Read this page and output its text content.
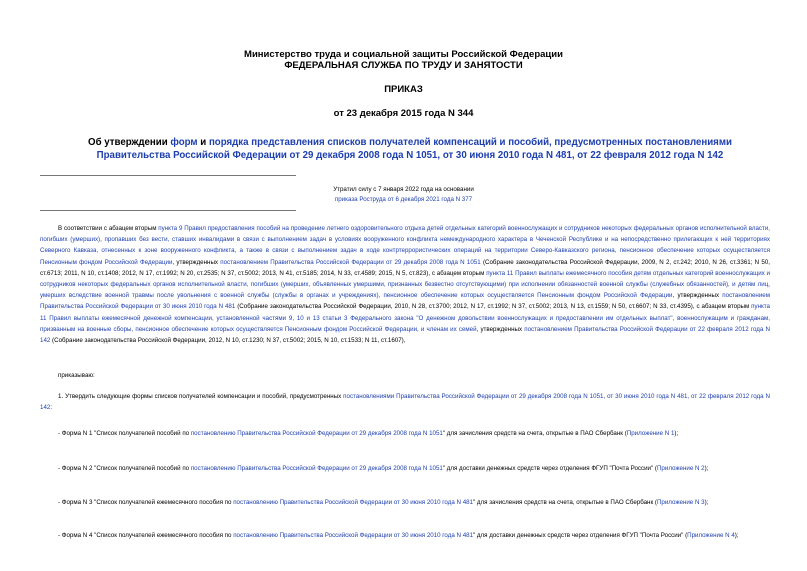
Министерство труда и социальной защиты Российской Федерации
ФЕДЕРАЛЬНАЯ СЛУЖБА ПО ТРУДУ И ЗАНЯТОСТИ
ПРИКАЗ
от 23 декабря 2015 года N 344
Об утверждении форм и порядка представления списков получателей компенсаций и пособий, предусмотренных постановлениями Правительства Российской Федерации от 29 декабря 2008 года N 1051, от 30 июня 2010 года N 481, от 22 февраля 2012 года N 142
Утратил силу с 7 января 2022 года на основании
приказа Роструда от 6 декабря 2021 года N 377
В соответствии с абзацем вторым пункта 9 Правил предоставления пособий на проведение летнего оздоровительного отдыха детей отдельных категорий военнослужащих и сотрудников некоторых федеральных органов исполнительной власти, погибших (умерших), пропавших без вести, ставших инвалидами в связи с выполнением задач в условиях вооруженного конфликта немеждународного характера в Чеченской Республике и на непосредственно прилегающих к ней территориях Северного Кавказа, отнесенных к зоне вооруженного конфликта, а также в связи с выполнением задач в ходе контртеррористических операций на территории Северо-Кавказского региона, пенсионное обеспечение которых осуществляется Пенсионным фондом Российской Федерации, утвержденных постановлением Правительства Российской Федерации от 29 декабря 2008 года N 1051 (Собрание законодательства Российской Федерации, 2009, N 2, ст.242; 2010, N 26, ст.3361; N 50, ст.6713; 2011, N 10, ст.1408; 2012, N 17, ст.1992; N 20, ст.2535; N 37, ст.5002; 2013, N 41, ст.5185; 2014, N 33, ст.4589; 2015, N 5, ст.823), с абзацем вторым пункта 11 Правил выплаты ежемесячного пособия детям отдельных категорий военнослужащих и сотрудников некоторых федеральных органов исполнительной власти, погибших (умерших, объявленных умершими, признанных безвестно отсутствующими) при исполнении обязанностей военной службы (служебных обязанностей), и детям лиц, умерших вследствие военной травмы после увольнения с военной службы (службы в органах и учреждениях), пенсионное обеспечение которых осуществляется Пенсионным фондом Российской Федерации, утвержденных постановлением Правительства Российской Федерации от 30 июня 2010 года N 481 (Собрание законодательства Российской Федерации, 2010, N 28, ст.3700; 2012, N 17, ст.1992; N 37, ст.5002; 2013, N 13, ст.1559; N 50, ст.6607; N 33, ст.4395), с абзацем вторым пункта 11 Правил выплаты ежемесячной денежной компенсации, установленной частями 9, 10 и 13 статьи 3 Федерального закона "О денежном довольствии военнослужащих и предоставлении им отдельных выплат", военнослужащим и гражданам, призванным на военные сборы, пенсионное обеспечение которых осуществляется Пенсионным фондом Российской Федерации, и членам их семей, утвержденных постановлением Правительства Российской Федерации от 22 февраля 2012 года N 142 (Собрание законодательства Российской Федерации, 2012, N 10, ст.1230; N 37, ст.5002; 2015, N 10, ст.1533; N 11, ст.1607),
приказываю:
1. Утвердить следующие формы списков получателей компенсации и пособий, предусмотренных постановлениями Правительства Российской Федерации от 29 декабря 2008 года N 1051, от 30 июня 2010 года N 481, от 22 февраля 2012 года N 142:
- Форма N 1 "Список получателей пособий по постановлению Правительства Российской Федерации от 29 декабря 2008 года N 1051" для зачисления средств на счета, открытые в ПАО Сбербанк (Приложение N 1);
- Форма N 2 "Список получателей пособий по постановлению Правительства Российской Федерации от 29 декабря 2008 года N 1051" для доставки денежных средств через отделения ФГУП "Почта России" (Приложение N 2);
- Форма N 3 "Список получателей ежемесячного пособия по постановлению Правительства Российской Федерации от 30 июня 2010 года N 481" для зачисления средств на счета, открытые в ПАО Сбербанк (Приложение N 3);
- Форма N 4 "Список получателей ежемесячного пособия по постановлению Правительства Российской Федерации от 30 июня 2010 года N 481" для доставки денежных средств через отделения ФГУП "Почта России" (Приложение N 4);
